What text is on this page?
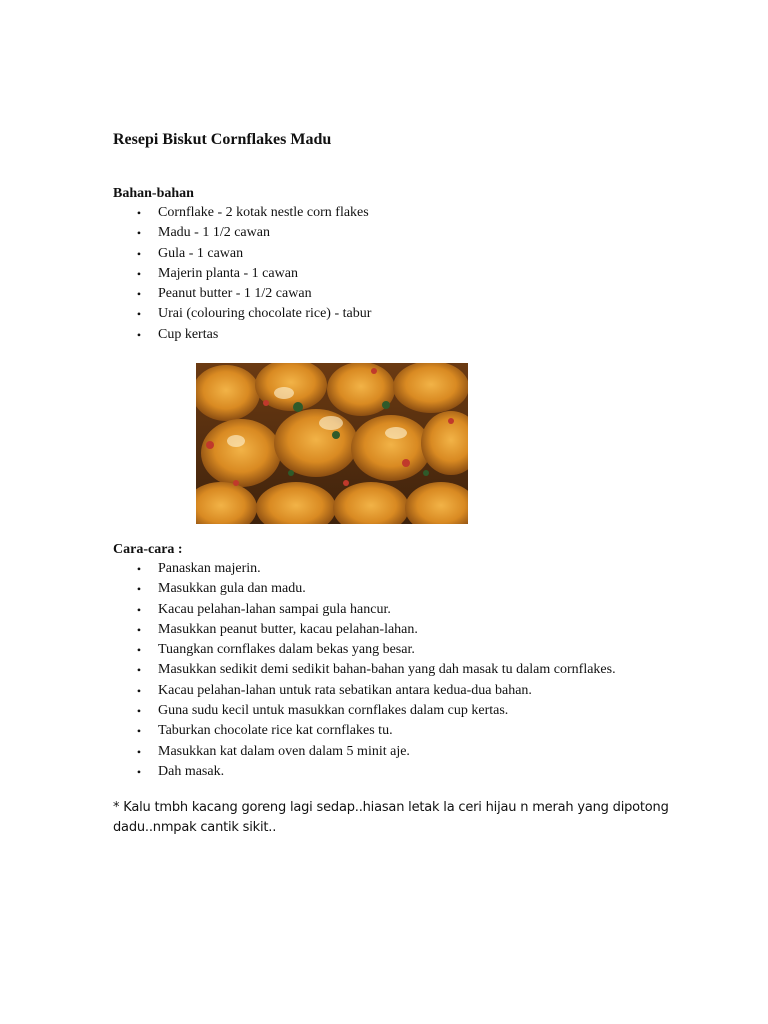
Resepi Biskut Cornflakes Madu
Bahan-bahan
• Cornflake - 2 kotak nestle corn flakes
• Madu - 1 1/2 cawan
• Gula - 1 cawan
• Majerin planta - 1 cawan
• Peanut butter - 1 1/2 cawan
• Urai (colouring chocolate rice) - tabur
• Cup kertas
Cara-cara :
• Panaskan majerin.
• Masukkan gula dan madu.
• Kacau pelahan-lahan sampai gula hancur.
• Masukkan peanut butter, kacau pelahan-lahan.
• Tuangkan cornflakes dalam bekas yang besar.
• Masukkan sedikit demi sedikit bahan-bahan yang dah masak tu dalam cornflakes.
• Kacau pelahan-lahan untuk rata sebatikan antara kedua-dua bahan.
• Guna sudu kecil untuk masukkan cornflakes dalam cup kertas.
• Taburkan chocolate rice kat cornflakes tu.
• Masukkan kat dalam oven dalam 5 minit aje.
• Dah masak.

* Kalu tmbh kacang goreng lagi sedap..hiasan letak la ceri hijau n merah yang dipotong dadu..nmpak cantik sikit..
